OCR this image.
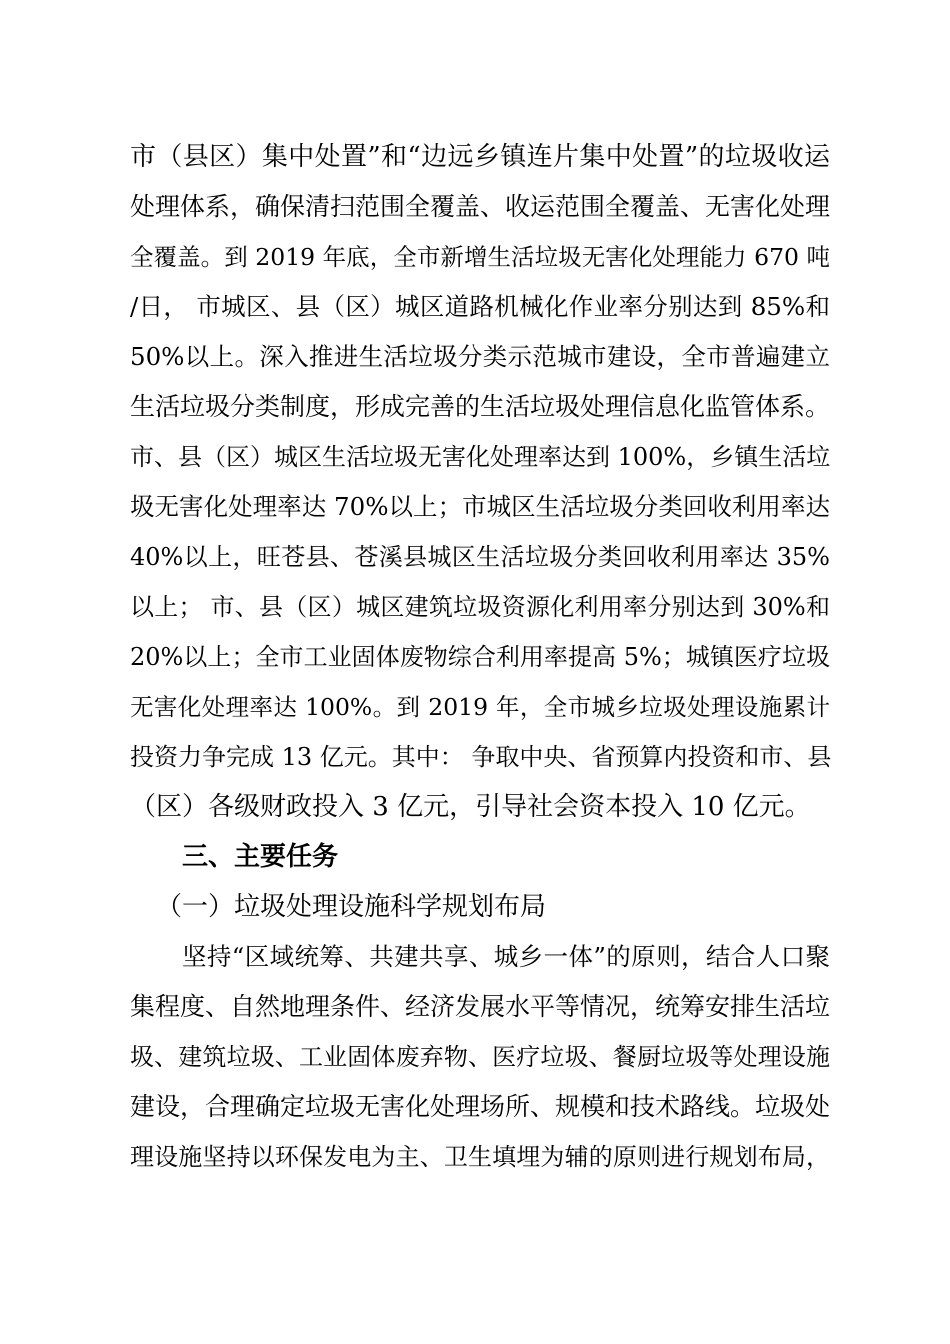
市（县区）集中处置”和“边远乡镇连片集中处置”的垃圾收运
处理体系，确保清扫范围全覆盖、收运范围全覆盖、无害化处理
全覆盖。到 2019 年底，全市新增生活垃圾无害化处理能力 670 吨
/日， 市城区、县（区）城区道路机械化作业率分别达到 85%和
50%以上。深入推进生活垃圾分类示范城市建设，全市普遍建立
生活垃圾分类制度，形成完善的生活垃圾处理信息化监管体系。
市、县（区）城区生活垃圾无害化处理率达到 100%，乡镇生活垃
圾无害化处理率达 70%以上；市城区生活垃圾分类回收利用率达
40%以上，旺苍县、苍溪县城区生活垃圾分类回收利用率达 35%
以上； 市、县（区）城区建筑垃圾资源化利用率分别达到 30%和
20%以上；全市工业固体废物综合利用率提高 5%；城镇医疗垃圾
无害化处理率达 100%。到 2019 年，全市城乡垃圾处理设施累计
投资力争完成 13 亿元。其中： 争取中央、省预算内投资和市、县
（区）各级财政投入 3 亿元，引导社会资本投入 10 亿元。
三、主要任务
（一）垃圾处理设施科学规划布局
坚持“区域统筹、共建共享、城乡一体”的原则，结合人口聚
集程度、自然地理条件、经济发展水平等情况，统筹安排生活垃
圾、建筑垃圾、工业固体废弃物、医疗垃圾、餐厨垃圾等处理设施
建设，合理确定垃圾无害化处理场所、规模和技术路线。垃圾处
理设施坚持以环保发电为主、卫生填埋为辅的原则进行规划布局，
